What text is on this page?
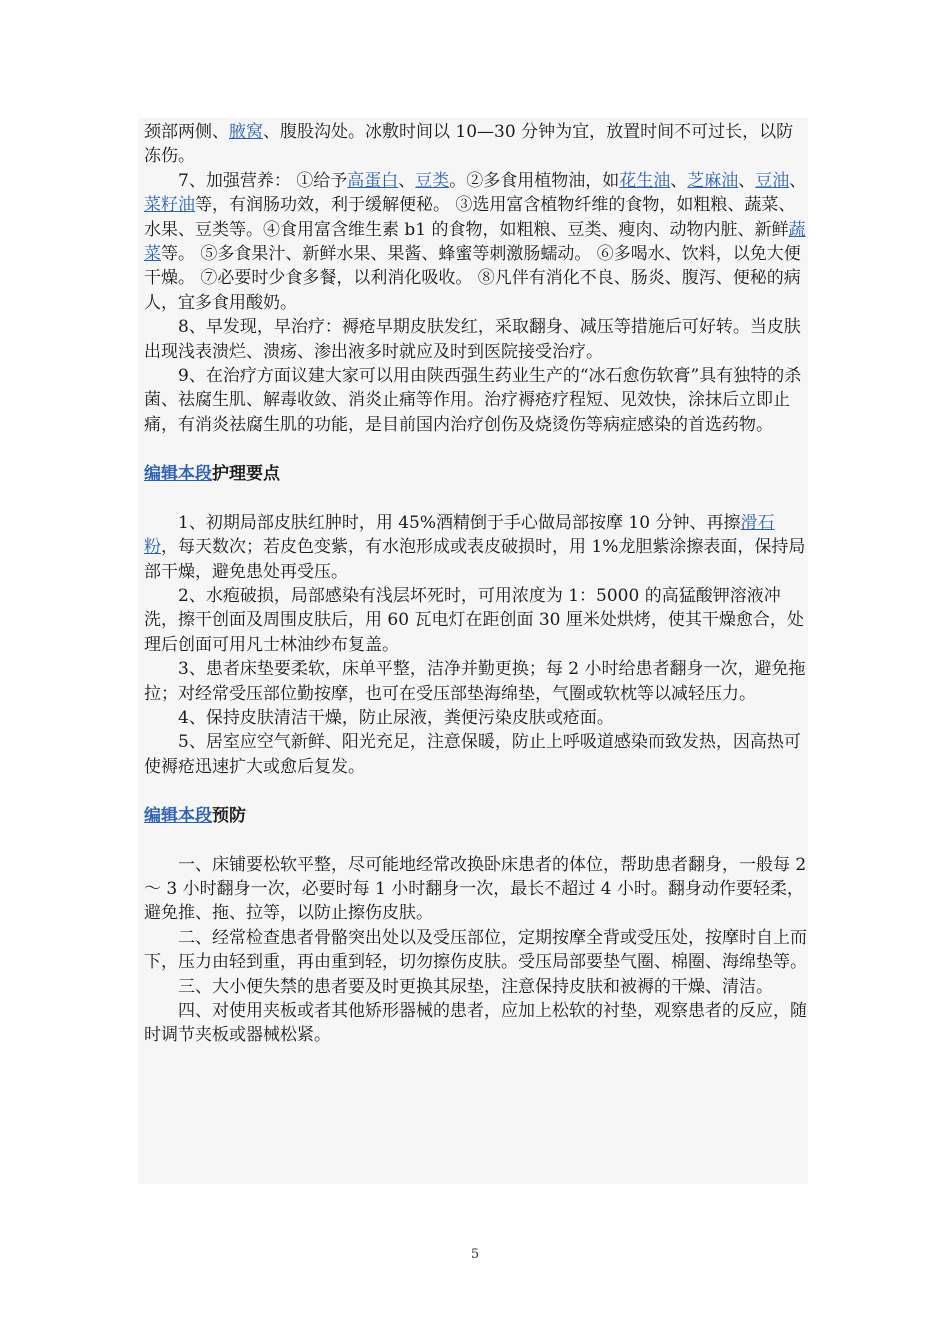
颈部两侧、腋窝、腹股沟处。冰敷时间以 10—30 分钟为宜，放置时间不可过长，以防冻伤。

7、加强营养： ①给予高蛋白、豆类。②多食用植物油，如花生油、芝麻油、豆油、菜籽油等，有润肠功效，利于缓解便秘。 ③选用富含植物纤维的食物，如粗粮、蔬菜、水果、豆类等。④食用富含维生素 b1 的食物，如粗粮、豆类、瘦肉、动物内脏、新鲜蔬菜等。 ⑤多食果汁、新鲜水果、果酱、蜂蜜等刺激肠蠕动。 ⑥多喝水、饮料，以免大便干燥。 ⑦必要时少食多餐，以利消化吸收。 ⑧凡伴有消化不良、肠炎、腹泻、便秘的病人，宜多食用酸奶。

8、早发现，早治疗：褥疮早期皮肤发红，采取翻身、减压等措施后可好转。当皮肤出现浅表溃烂、溃疡、渗出液多时就应及时到医院接受治疗。

9、在治疗方面议建大家可以用由陕西强生药业生产的“冰石愈伤软膏”具有独特的杀菌、祛腐生肌、解毒收敛、消炎止痛等作用。治疗褥疮疗程短、见效快，涂抹后立即止痛，有消炎祛腐生肌的功能，是目前国内治疗创伤及烧烫伤等病症感染的首选药物。

编辑本段护理要点

1、初期局部皮肤红肿时，用 45%酒精倒于手心做局部按摩 10 分钟、再擦滑石粉，每天数次；若皮色变紫，有水泡形成或表皮破损时，用 1%龙胆紫涂擦表面，保持局部干燥，避免患处再受压。

2、水疱破损，局部感染有浅层坏死时，可用浓度为 1：5000 的高猛酸钾溶液冲洗，擦干创面及周围皮肤后，用 60 瓦电灯在距创面 30 厘米处烘烤，使其干燥愈合，处理后创面可用凡士林油纱布复盖。

3、患者床垫要柔软，床单平整，洁净并勤更换；每 2 小时给患者翻身一次，避免拖拉；对经常受压部位勤按摩，也可在受压部垫海绵垫，气圈或软枕等以减轻压力。

4、保持皮肤清洁干燥，防止尿液，粪便污染皮肤或疮面。

5、居室应空气新鲜、阳光充足，注意保暖，防止上呼吸道感染而致发热，因高热可使褥疮迅速扩大或愈后复发。

编辑本段预防

一、床铺要松软平整，尽可能地经常改换卧床患者的体位，帮助患者翻身，一般每 2 ～ 3 小时翻身一次，必要时每 1 小时翻身一次，最长不超过 4 小时。翻身动作要轻柔，避免推、拖、拉等，以防止擦伤皮肤。

二、经常检查患者骨骼突出处以及受压部位，定期按摩全背或受压处，按摩时自上而下，压力由轻到重，再由重到轻，切勿擦伤皮肤。受压局部要垫气圈、棉圈、海绵垫等。

三、大小便失禁的患者要及时更换其尿垫，注意保持皮肤和被褥的干燥、清洁。

四、对使用夹板或者其他矫形器械的患者，应加上松软的衬垫，观察患者的反应，随时调节夹板或器械松紧。

5
